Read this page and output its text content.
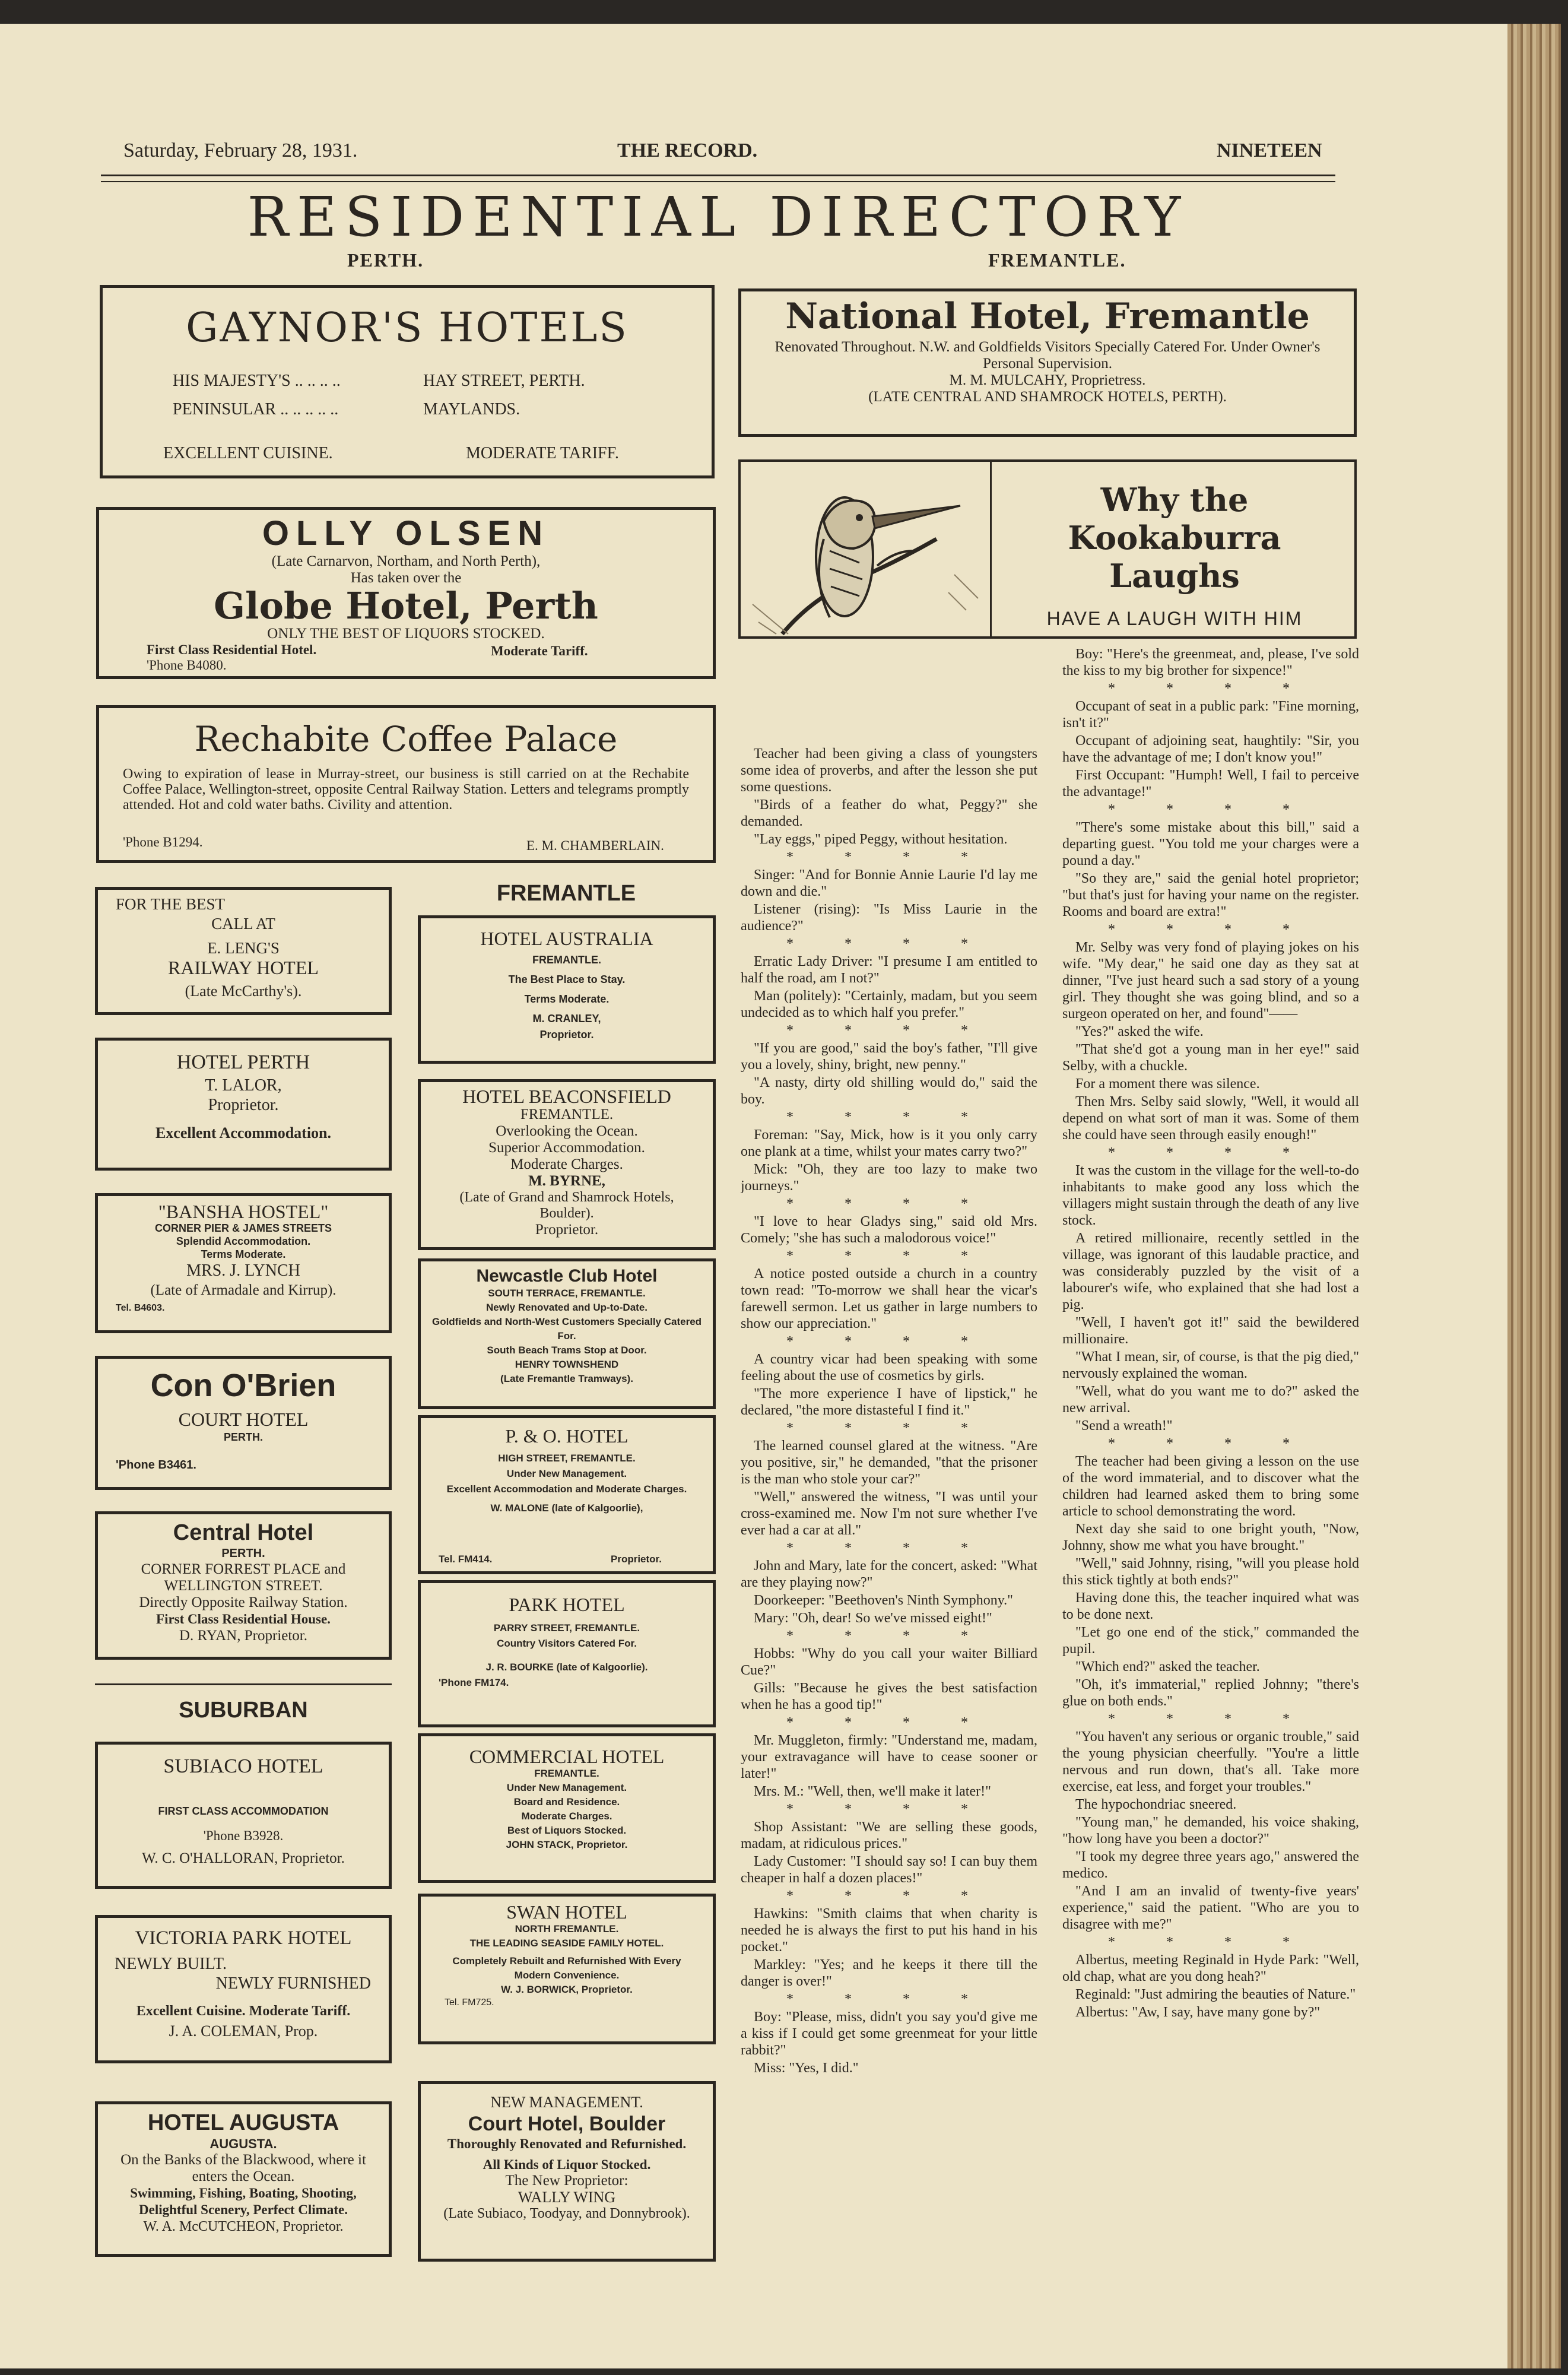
Saturday, February 28, 1931.	THE RECORD.	NINETEEN
RESIDENTIAL DIRECTORY
PERTH.	FREMANTLE.

GAYNOR'S HOTELS

HIS MAJESTY'S .. .. .. ..	HAY STREET, PERTH.
PENINSULAR .. .. .. .. ..	MAYLANDS.
EXCELLENT CUISINE.	MODERATE TARIFF.

OLLY OLSEN

(Late Carnarvon, Northam, and North Perth),

Has taken over the

Globe Hotel, Perth

ONLY THE BEST OF LIQUORS STOCKED.

First Class Residential Hotel.	Moderate Tariff.
'Phone B4080.

Rechabite Coffee Palace

Owing to expiration of lease in Murray-street, our business is still carried on at the Rechabite Coffee Palace, Wellington-street, opposite Central Railway Station. Letters and telegrams promptly attended. Hot and cold water baths. Civility and attention.

'Phone B1294.	E. M. CHAMBERLAIN.

FOR THE BEST

CALL AT

E. LENG'S

RAILWAY HOTEL

(Late McCarthy's).

HOTEL PERTH

T. LALOR,

Proprietor.

Excellent Accommodation.

"BANSHA HOSTEL"

CORNER PIER & JAMES STREETS

Splendid Accommodation.

Terms Moderate.

MRS. J. LYNCH

(Late of Armadale and Kirrup).

Tel. B4603.

Con O'Brien

COURT HOTEL

PERTH.

'Phone B3461.

Central Hotel

PERTH.

CORNER FORREST PLACE and

WELLINGTON STREET.

Directly Opposite Railway Station.

First Class Residential House.

D. RYAN, Proprietor.

SUBURBAN

SUBIACO HOTEL

FIRST CLASS ACCOMMODATION

'Phone B3928.

W. C. O'HALLORAN, Proprietor.

VICTORIA PARK HOTEL

NEWLY BUILT.

NEWLY FURNISHED

Excellent Cuisine. Moderate Tariff.

J. A. COLEMAN, Prop.

HOTEL AUGUSTA

AUGUSTA.

On the Banks of the Blackwood, where it enters the Ocean.

Swimming, Fishing, Boating, Shooting, Delightful Scenery, Perfect Climate.

W. A. McCUTCHEON, Proprietor.

FREMANTLE

HOTEL AUSTRALIA

FREMANTLE.

The Best Place to Stay.

Terms Moderate.

M. CRANLEY,

Proprietor.

HOTEL BEACONSFIELD

FREMANTLE.

Overlooking the Ocean.

Superior Accommodation.

Moderate Charges.

M. BYRNE,

(Late of Grand and Shamrock Hotels, Boulder).

Proprietor.

Newcastle Club Hotel

SOUTH TERRACE, FREMANTLE.

Newly Renovated and Up-to-Date.

Goldfields and North-West Customers Specially Catered For.

South Beach Trams Stop at Door.

HENRY TOWNSHEND

(Late Fremantle Tramways).

P. & O. HOTEL

HIGH STREET, FREMANTLE.

Under New Management.

Excellent Accommodation and Moderate Charges.

W. MALONE (late of Kalgoorlie),

Tel. FM414.	Proprietor.

PARK HOTEL

PARRY STREET, FREMANTLE.

Country Visitors Catered For.

J. R. BOURKE (late of Kalgoorlie).

'Phone FM174.

COMMERCIAL HOTEL

FREMANTLE.

Under New Management.

Board and Residence.

Moderate Charges.

Best of Liquors Stocked.

JOHN STACK, Proprietor.

SWAN HOTEL

NORTH FREMANTLE.

THE LEADING SEASIDE FAMILY HOTEL.

Completely Rebuilt and Refurnished With Every Modern Convenience.

W. J. BORWICK, Proprietor.

Tel. FM725.

NEW MANAGEMENT.

Court Hotel, Boulder

Thoroughly Renovated and Refurnished.

All Kinds of Liquor Stocked.

The New Proprietor:

WALLY WING

(Late Subiaco, Toodyay, and Donnybrook).

National Hotel, Fremantle

Renovated Throughout. N.W. and Goldfields Visitors Specially Catered For. Under Owner's Personal Supervision.

M. M. MULCAHY, Proprietress.

(LATE CENTRAL AND SHAMROCK HOTELS, PERTH).

Why the Kookaburra Laughs

HAVE A LAUGH WITH HIM

Teacher had been giving a class of youngsters some idea of proverbs, and after the lesson she put some questions.

"Birds of a feather do what, Peggy?" she demanded.

"Lay eggs," piped Peggy, without hesitation.

* * * *

Singer: "And for Bonnie Annie Laurie I'd lay me down and die."

Listener (rising): "Is Miss Laurie in the audience?"

* * * *

Erratic Lady Driver: "I presume I am entitled to half the road, am I not?"

Man (politely): "Certainly, madam, but you seem undecided as to which half you prefer."

* * * *

"If you are good," said the boy's father, "I'll give you a lovely, shiny, bright, new penny."

"A nasty, dirty old shilling would do," said the boy.

* * * *

Foreman: "Say, Mick, how is it you only carry one plank at a time, whilst your mates carry two?"

Mick: "Oh, they are too lazy to make two journeys."

* * * *

"I love to hear Gladys sing," said old Mrs. Comely; "she has such a malodorous voice!"

* * * *

A notice posted outside a church in a country town read: "To-morrow we shall hear the vicar's farewell sermon. Let us gather in large numbers to show our appreciation."

* * * *

A country vicar had been speaking with some feeling about the use of cosmetics by girls.

"The more experience I have of lipstick," he declared, "the more distasteful I find it."

* * * *

The learned counsel glared at the witness. "Are you positive, sir," he demanded, "that the prisoner is the man who stole your car?"

"Well," answered the witness, "I was until your cross-examined me. Now I'm not sure whether I've ever had a car at all."

* * * *

John and Mary, late for the concert, asked: "What are they playing now?"

Doorkeeper: "Beethoven's Ninth Symphony."

Mary: "Oh, dear! So we've missed eight!"

* * * *

Hobbs: "Why do you call your waiter Billiard Cue?"

Gills: "Because he gives the best satisfaction when he has a good tip!"

* * * *

Mr. Muggleton, firmly: "Understand me, madam, your extravagance will have to cease sooner or later!"

Mrs. M.: "Well, then, we'll make it later!"

* * * *

Shop Assistant: "We are selling these goods, madam, at ridiculous prices."

Lady Customer: "I should say so! I can buy them cheaper in half a dozen places!"

* * * *

Hawkins: "Smith claims that when charity is needed he is always the first to put his hand in his pocket."

Markley: "Yes; and he keeps it there till the danger is over!"

* * * *

Boy: "Please, miss, didn't you say you'd give me a kiss if I could get some greenmeat for your little rabbit?"

Miss: "Yes, I did."

Boy: "Here's the greenmeat, and, please, I've sold the kiss to my big brother for sixpence!"

* * * *

Occupant of seat in a public park: "Fine morning, isn't it?"

Occupant of adjoining seat, haughtily: "Sir, you have the advantage of me; I don't know you!"

First Occupant: "Humph! Well, I fail to perceive the advantage!"

* * * *

"There's some mistake about this bill," said a departing guest. "You told me your charges were a pound a day."

"So they are," said the genial hotel proprietor; "but that's just for having your name on the register. Rooms and board are extra!"

* * * *

Mr. Selby was very fond of playing jokes on his wife. "My dear," he said one day as they sat at dinner, "I've just heard such a sad story of a young girl. They thought she was going blind, and so a surgeon operated on her, and found"——

"Yes?" asked the wife.

"That she'd got a young man in her eye!" said Selby, with a chuckle.

For a moment there was silence.

Then Mrs. Selby said slowly, "Well, it would all depend on what sort of man it was. Some of them she could have seen through easily enough!"

* * * *

It was the custom in the village for the well-to-do inhabitants to make good any loss which the villagers might sustain through the death of any live stock.

A retired millionaire, recently settled in the village, was ignorant of this laudable practice, and was considerably puzzled by the visit of a labourer's wife, who explained that she had lost a pig.

"Well, I haven't got it!" said the bewildered millionaire.

"What I mean, sir, of course, is that the pig died," nervously explained the woman.

"Well, what do you want me to do?" asked the new arrival.

"Send a wreath!"

* * * *

The teacher had been giving a lesson on the use of the word immaterial, and to discover what the children had learned asked them to bring some article to school demonstrating the word.

Next day she said to one bright youth, "Now, Johnny, show me what you have brought."

"Well," said Johnny, rising, "will you please hold this stick tightly at both ends?"

Having done this, the teacher inquired what was to be done next.

"Let go one end of the stick," commanded the pupil.

"Which end?" asked the teacher.

"Oh, it's immaterial," replied Johnny; "there's glue on both ends."

* * * *

"You haven't any serious or organic trouble," said the young physician cheerfully. "You're a little nervous and run down, that's all. Take more exercise, eat less, and forget your troubles."

The hypochondriac sneered.

"Young man," he demanded, his voice shaking, "how long have you been a doctor?"

"I took my degree three years ago," answered the medico.

"And I am an invalid of twenty-five years' experience," said the patient. "Who are you to disagree with me?"

* * * *

Albertus, meeting Reginald in Hyde Park: "Well, old chap, what are you dong heah?"

Reginald: "Just admiring the beauties of Nature."

Albertus: "Aw, I say, have many gone by?"
